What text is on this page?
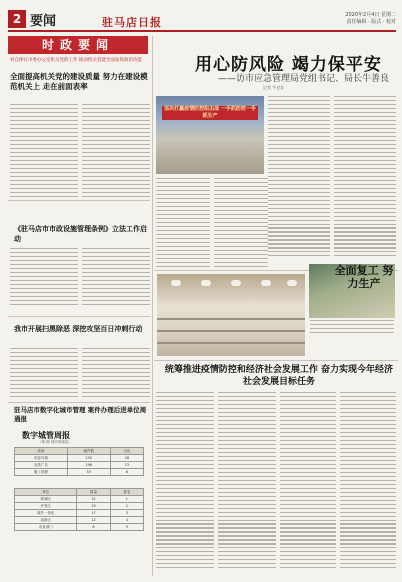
2 要闻	驻马店日报
2020年2月4日 星期二
责任编辑 · 版式 · 校对
时政要闻
村自律在市委办公室机关党的工作 推动机关党建全面发挥政治功能
全面提高机关党的建设质量 努力在建设模范机关上 走在前面表率
《驻马店市市政设施管理条例》立法工作启动
我市开展扫黑除恶 深挖攻坚百日冲刺行动
驻马店市数字化城市管理 案件办理后进单位周通报
数字城管周报
（第 期 城市管理局）
类别	案件数	占比
市容环境	235	28
宣传广告	196	23
施工管理	53	6
单位	数量	排名
驿城区	31	1
开发区	19	2
城乡一体化	17	3
高新区	12	4
市直部门	8	5
用心防风险 竭力保平安
——访市应急管理局党组书记、局长牛善良
记者 牛克非
坚决打赢疫情防控阻击战 一手抓防控一手抓生产
全面复工 努力生产
统筹推进疫情防控和经济社会发展工作 奋力实现今年经济社会发展目标任务
